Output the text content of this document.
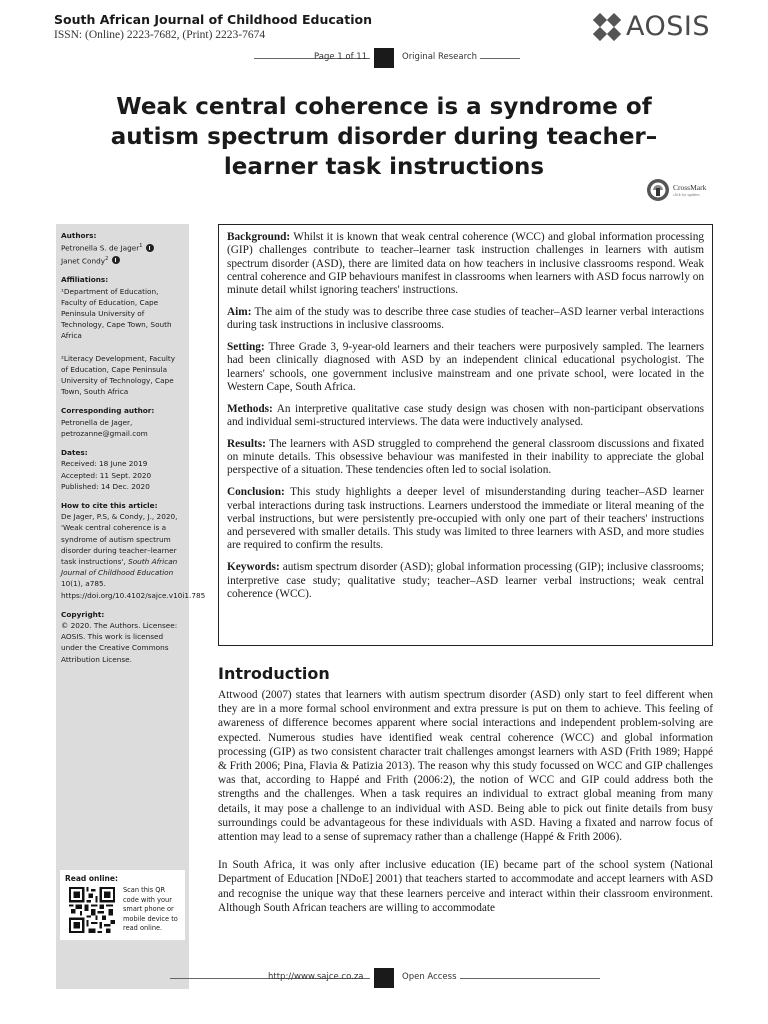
South African Journal of Childhood Education
ISSN: (Online) 2223-7682, (Print) 2223-7674	AOSIS
Page 1 of 11	Original Research
Weak central coherence is a syndrome of autism spectrum disorder during teacher–learner task instructions
CrossMark
click for updates
Authors:
Petronella S. de Jager$^1$
Janet Condy$^2$
Affiliations:
¹Department of Education, Faculty of Education, Cape Peninsula University of Technology, Cape Town, South Africa
²Literacy Development, Faculty of Education, Cape Peninsula University of Technology, Cape Town, South Africa
Corresponding author:
Petronella de Jager,
petrozanne@gmail.com
Dates:
Received: 18 June 2019
Accepted: 11 Sept. 2020
Published: 14 Dec. 2020
How to cite this article:
De Jager, P.S, & Condy, J., 2020, 'Weak central coherence is a syndrome of autism spectrum disorder during teacher–learner task instructions', South African Journal of Childhood Education 10(1), a785. https://doi.org/10.4102/sajce.v10i1.785
Copyright:
© 2020. The Authors. Licensee: AOSIS. This work is licensed under the Creative Commons Attribution License.
Read online:
Scan this QR code with your smart phone or mobile device to read online.

Background: Whilst it is known that weak central coherence (WCC) and global information processing (GIP) challenges contribute to teacher–learner task instruction challenges in learners with autism spectrum disorder (ASD), there are limited data on how teachers in inclusive classrooms respond. Weak central coherence and GIP behaviours manifest in classrooms when learners with ASD focus narrowly on minute detail whilst ignoring teachers' instructions.

Aim: The aim of the study was to describe three case studies of teacher–ASD learner verbal interactions during task instructions in inclusive classrooms.

Setting: Three Grade 3, 9-year-old learners and their teachers were purposively sampled. The learners had been clinically diagnosed with ASD by an independent clinical educational psychologist. The learners' schools, one government inclusive mainstream and one private school, were located in the Western Cape, South Africa.

Methods: An interpretive qualitative case study design was chosen with non-participant observations and individual semi-structured interviews. The data were inductively analysed.

Results: The learners with ASD struggled to comprehend the general classroom discussions and fixated on minute details. This obsessive behaviour was manifested in their inability to appreciate the global perspective of a situation. These tendencies often led to social isolation.

Conclusion: This study highlights a deeper level of misunderstanding during teacher–ASD learner verbal interactions during task instructions. Learners understood the immediate or literal meaning of the verbal instructions, but were persistently pre-occupied with only one part of their teachers' instructions and persevered with smaller details. This study was limited to three learners with ASD, and more studies are required to confirm the results.

Keywords: autism spectrum disorder (ASD); global information processing (GIP); inclusive classrooms; interpretive case study; qualitative study; teacher–ASD learner verbal instructions; weak central coherence (WCC).

Introduction

Attwood (2007) states that learners with autism spectrum disorder (ASD) only start to feel different when they are in a more formal school environment and extra pressure is put on them to achieve. This feeling of awareness of difference becomes apparent where social interactions and independent problem-solving are expected. Numerous studies have identified weak central coherence (WCC) and global information processing (GIP) as two consistent character trait challenges amongst learners with ASD (Frith 1989; Happé & Frith 2006; Pina, Flavia & Patizia 2013). The reason why this study focussed on WCC and GIP challenges was that, according to Happé and Frith (2006:2), the notion of WCC and GIP could address both the strengths and the challenges. When a task requires an individual to extract global meaning from many details, it may pose a challenge to an individual with ASD. Being able to pick out finite details from busy surroundings could be advantageous for these individuals with ASD. Having a fixated and narrow focus of attention may lead to a sense of supremacy rather than a challenge (Happé & Frith 2006).

In South Africa, it was only after inclusive education (IE) became part of the school system (National Department of Education [NDoE] 2001) that teachers started to accommodate and accept learners with ASD and recognise the unique way that these learners perceive and interact within their classroom environment. Although South African teachers are willing to accommodate

http://www.sajce.co.za	Open Access
